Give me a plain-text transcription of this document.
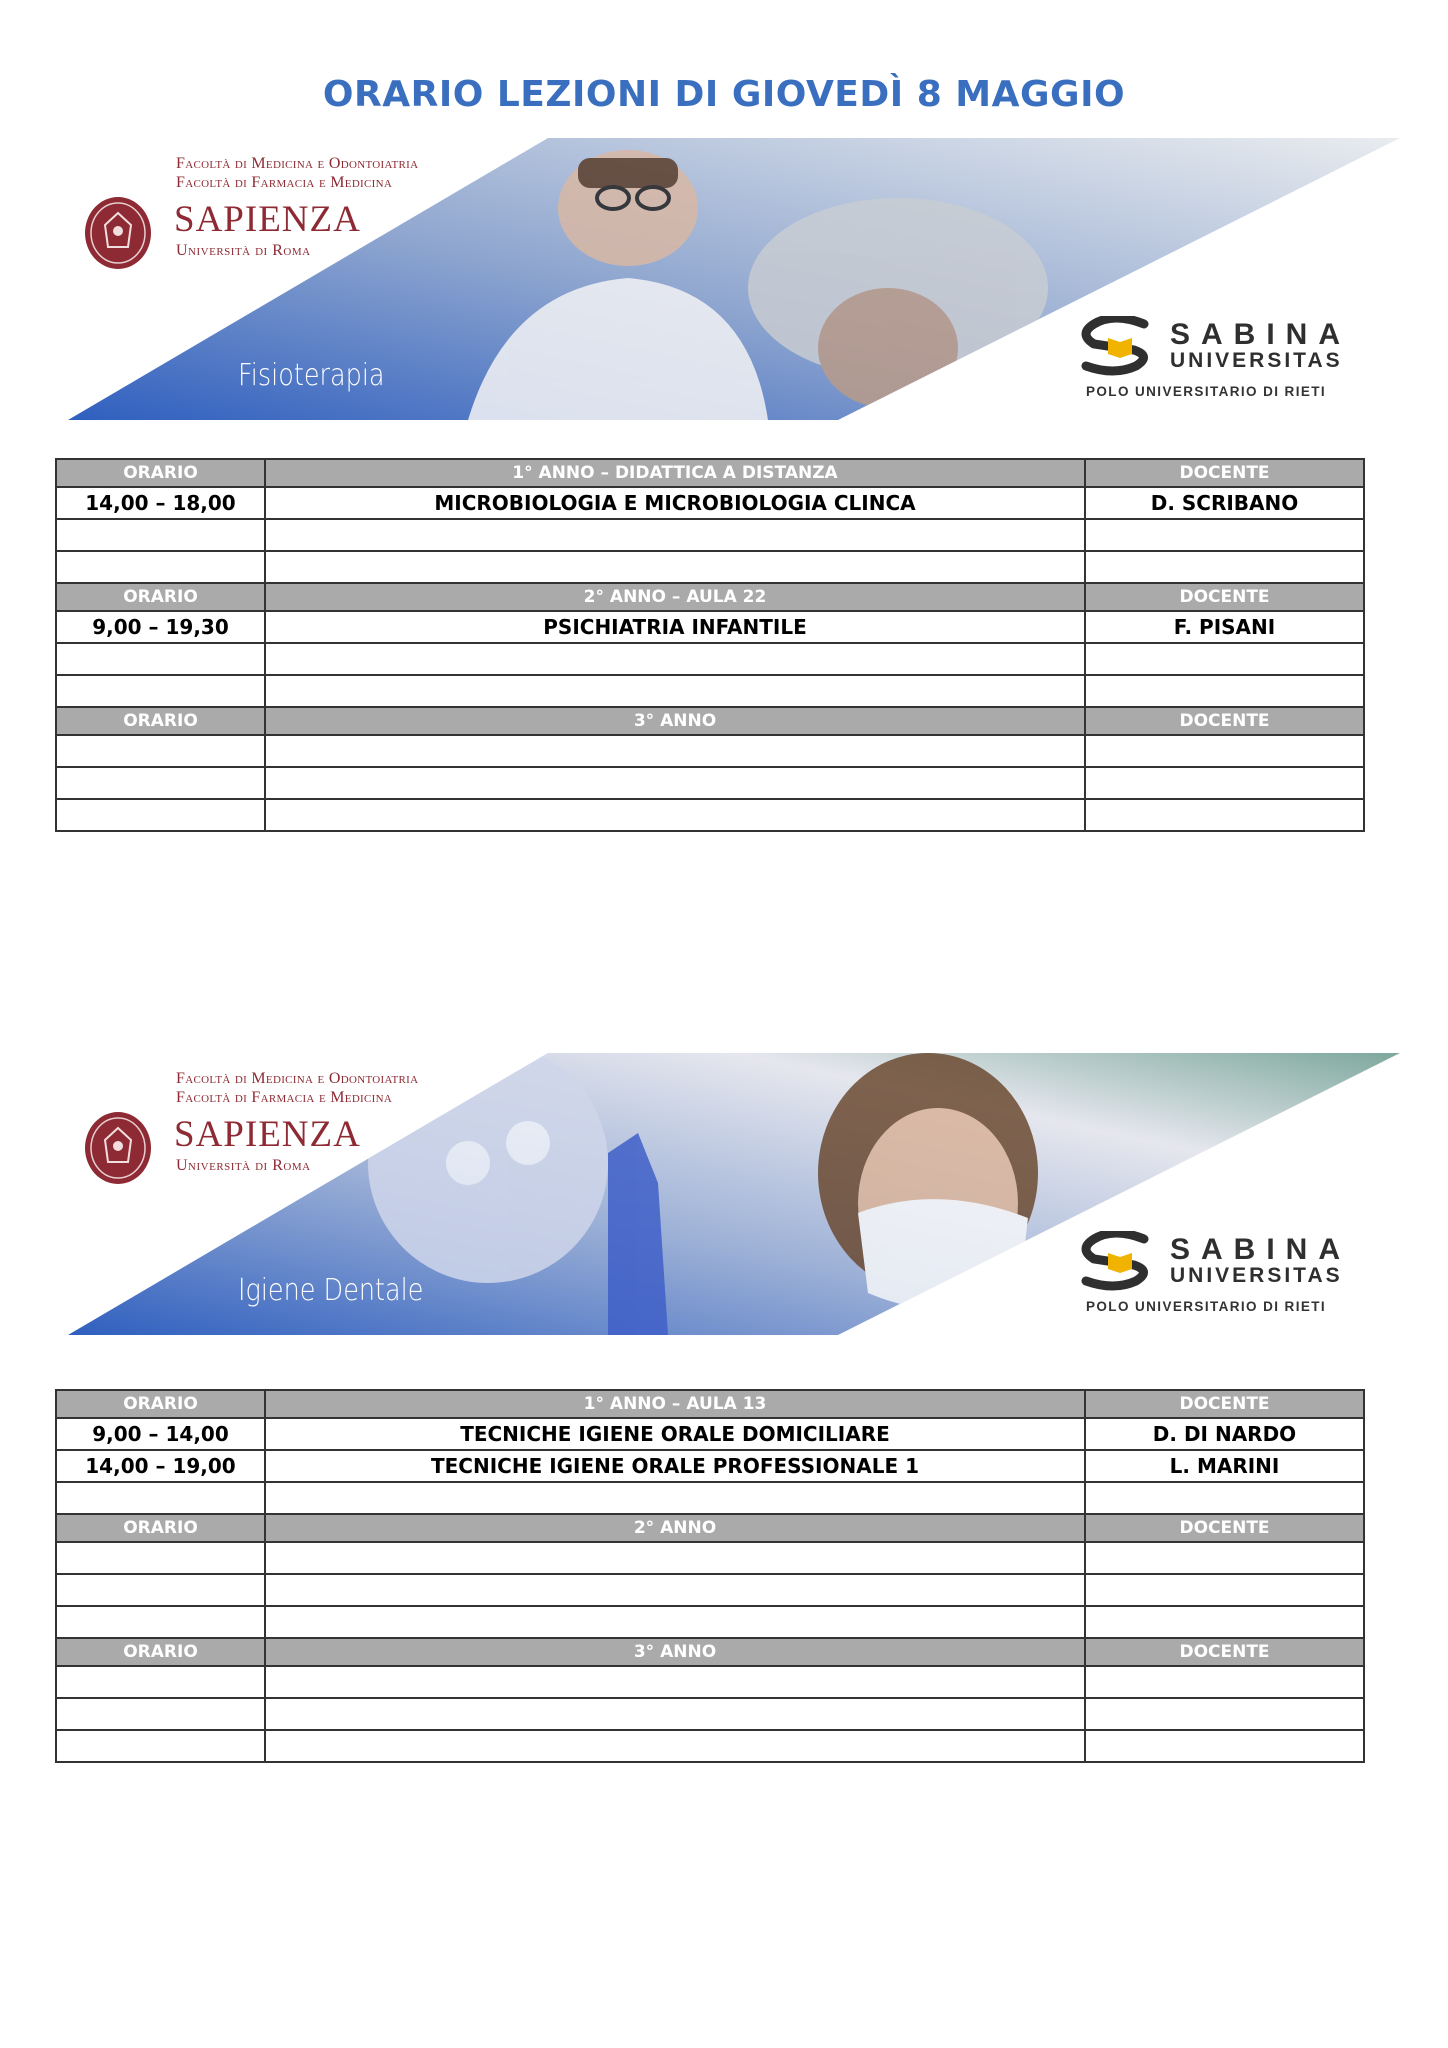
ORARIO LEZIONI DI GIOVEDÌ 8 MAGGIO
Facoltà di Medicina e Odontoiatria
Facoltà di Farmacia e Medicina
SAPIENZA
Università di Roma
Fisioterapia
SABINA
UNIVERSITAS
POLO UNIVERSITARIO DI RIETI
ORARIO	1° ANNO – DIDATTICA A DISTANZA	DOCENTE
14,00 – 18,00	MICROBIOLOGIA E MICROBIOLOGIA CLINCA	D. SCRIBANO

ORARIO	2° ANNO – AULA 22	DOCENTE
9,00 – 19,30	PSICHIATRIA INFANTILE	F. PISANI

ORARIO	3° ANNO	DOCENTE

Facoltà di Medicina e Odontoiatria
Facoltà di Farmacia e Medicina
SAPIENZA
Università di Roma
Igiene Dentale
SABINA
UNIVERSITAS
POLO UNIVERSITARIO DI RIETI
ORARIO	1° ANNO – AULA 13	DOCENTE
9,00 – 14,00	TECNICHE IGIENE ORALE DOMICILIARE	D. DI NARDO
14,00 – 19,00	TECNICHE IGIENE ORALE PROFESSIONALE 1	L. MARINI

ORARIO	2° ANNO	DOCENTE

ORARIO	3° ANNO	DOCENTE
